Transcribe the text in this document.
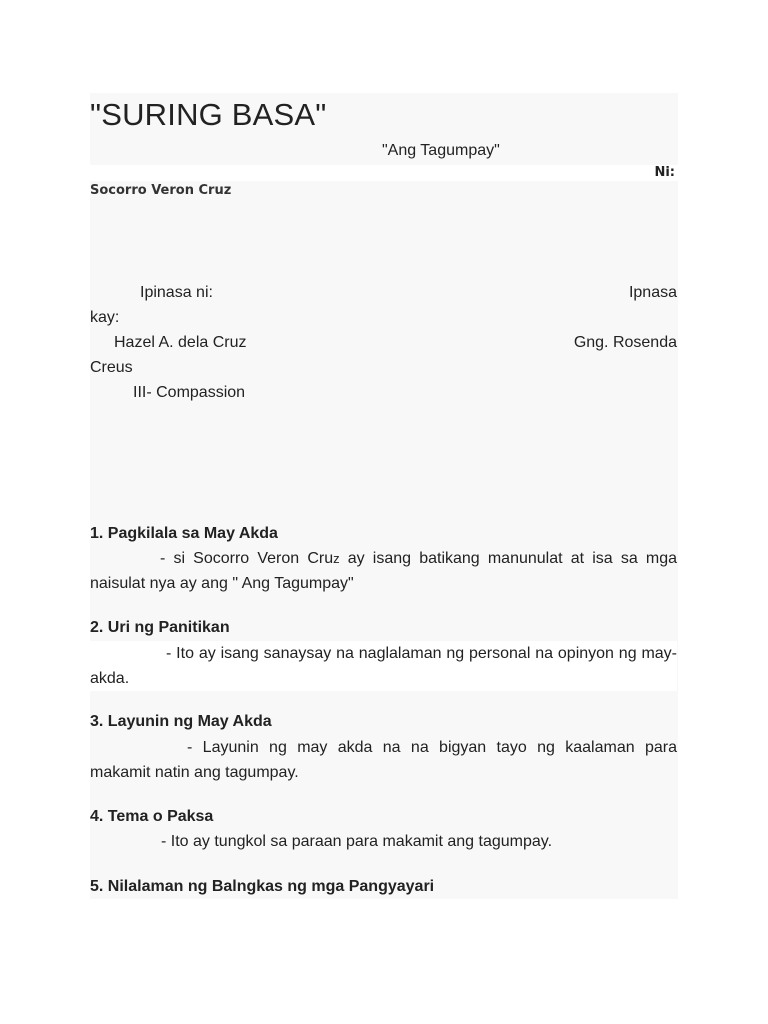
"SURING BASA"
"Ang Tagumpay"
Ni:
Socorro Veron Cruz
Ipinasa ni:	Ipnasa
kay:
Hazel A. dela Cruz	Gng. Rosenda
Creus
III- Compassion
1. Pagkilala sa May Akda
- si Socorro Veron Cruz ay isang batikang manunulat at isa sa mga naisulat nya ay ang " Ang Tagumpay"
2. Uri ng Panitikan
- Ito ay isang sanaysay na naglalaman ng personal na opinyon ng may-akda.
3. Layunin ng May Akda
- Layunin ng may akda na na bigyan tayo ng kaalaman para makamit natin ang tagumpay.
4. Tema o Paksa
- Ito ay tungkol sa paraan para makamit ang tagumpay.
5. Nilalaman ng Balngkas ng mga Pangyayari
